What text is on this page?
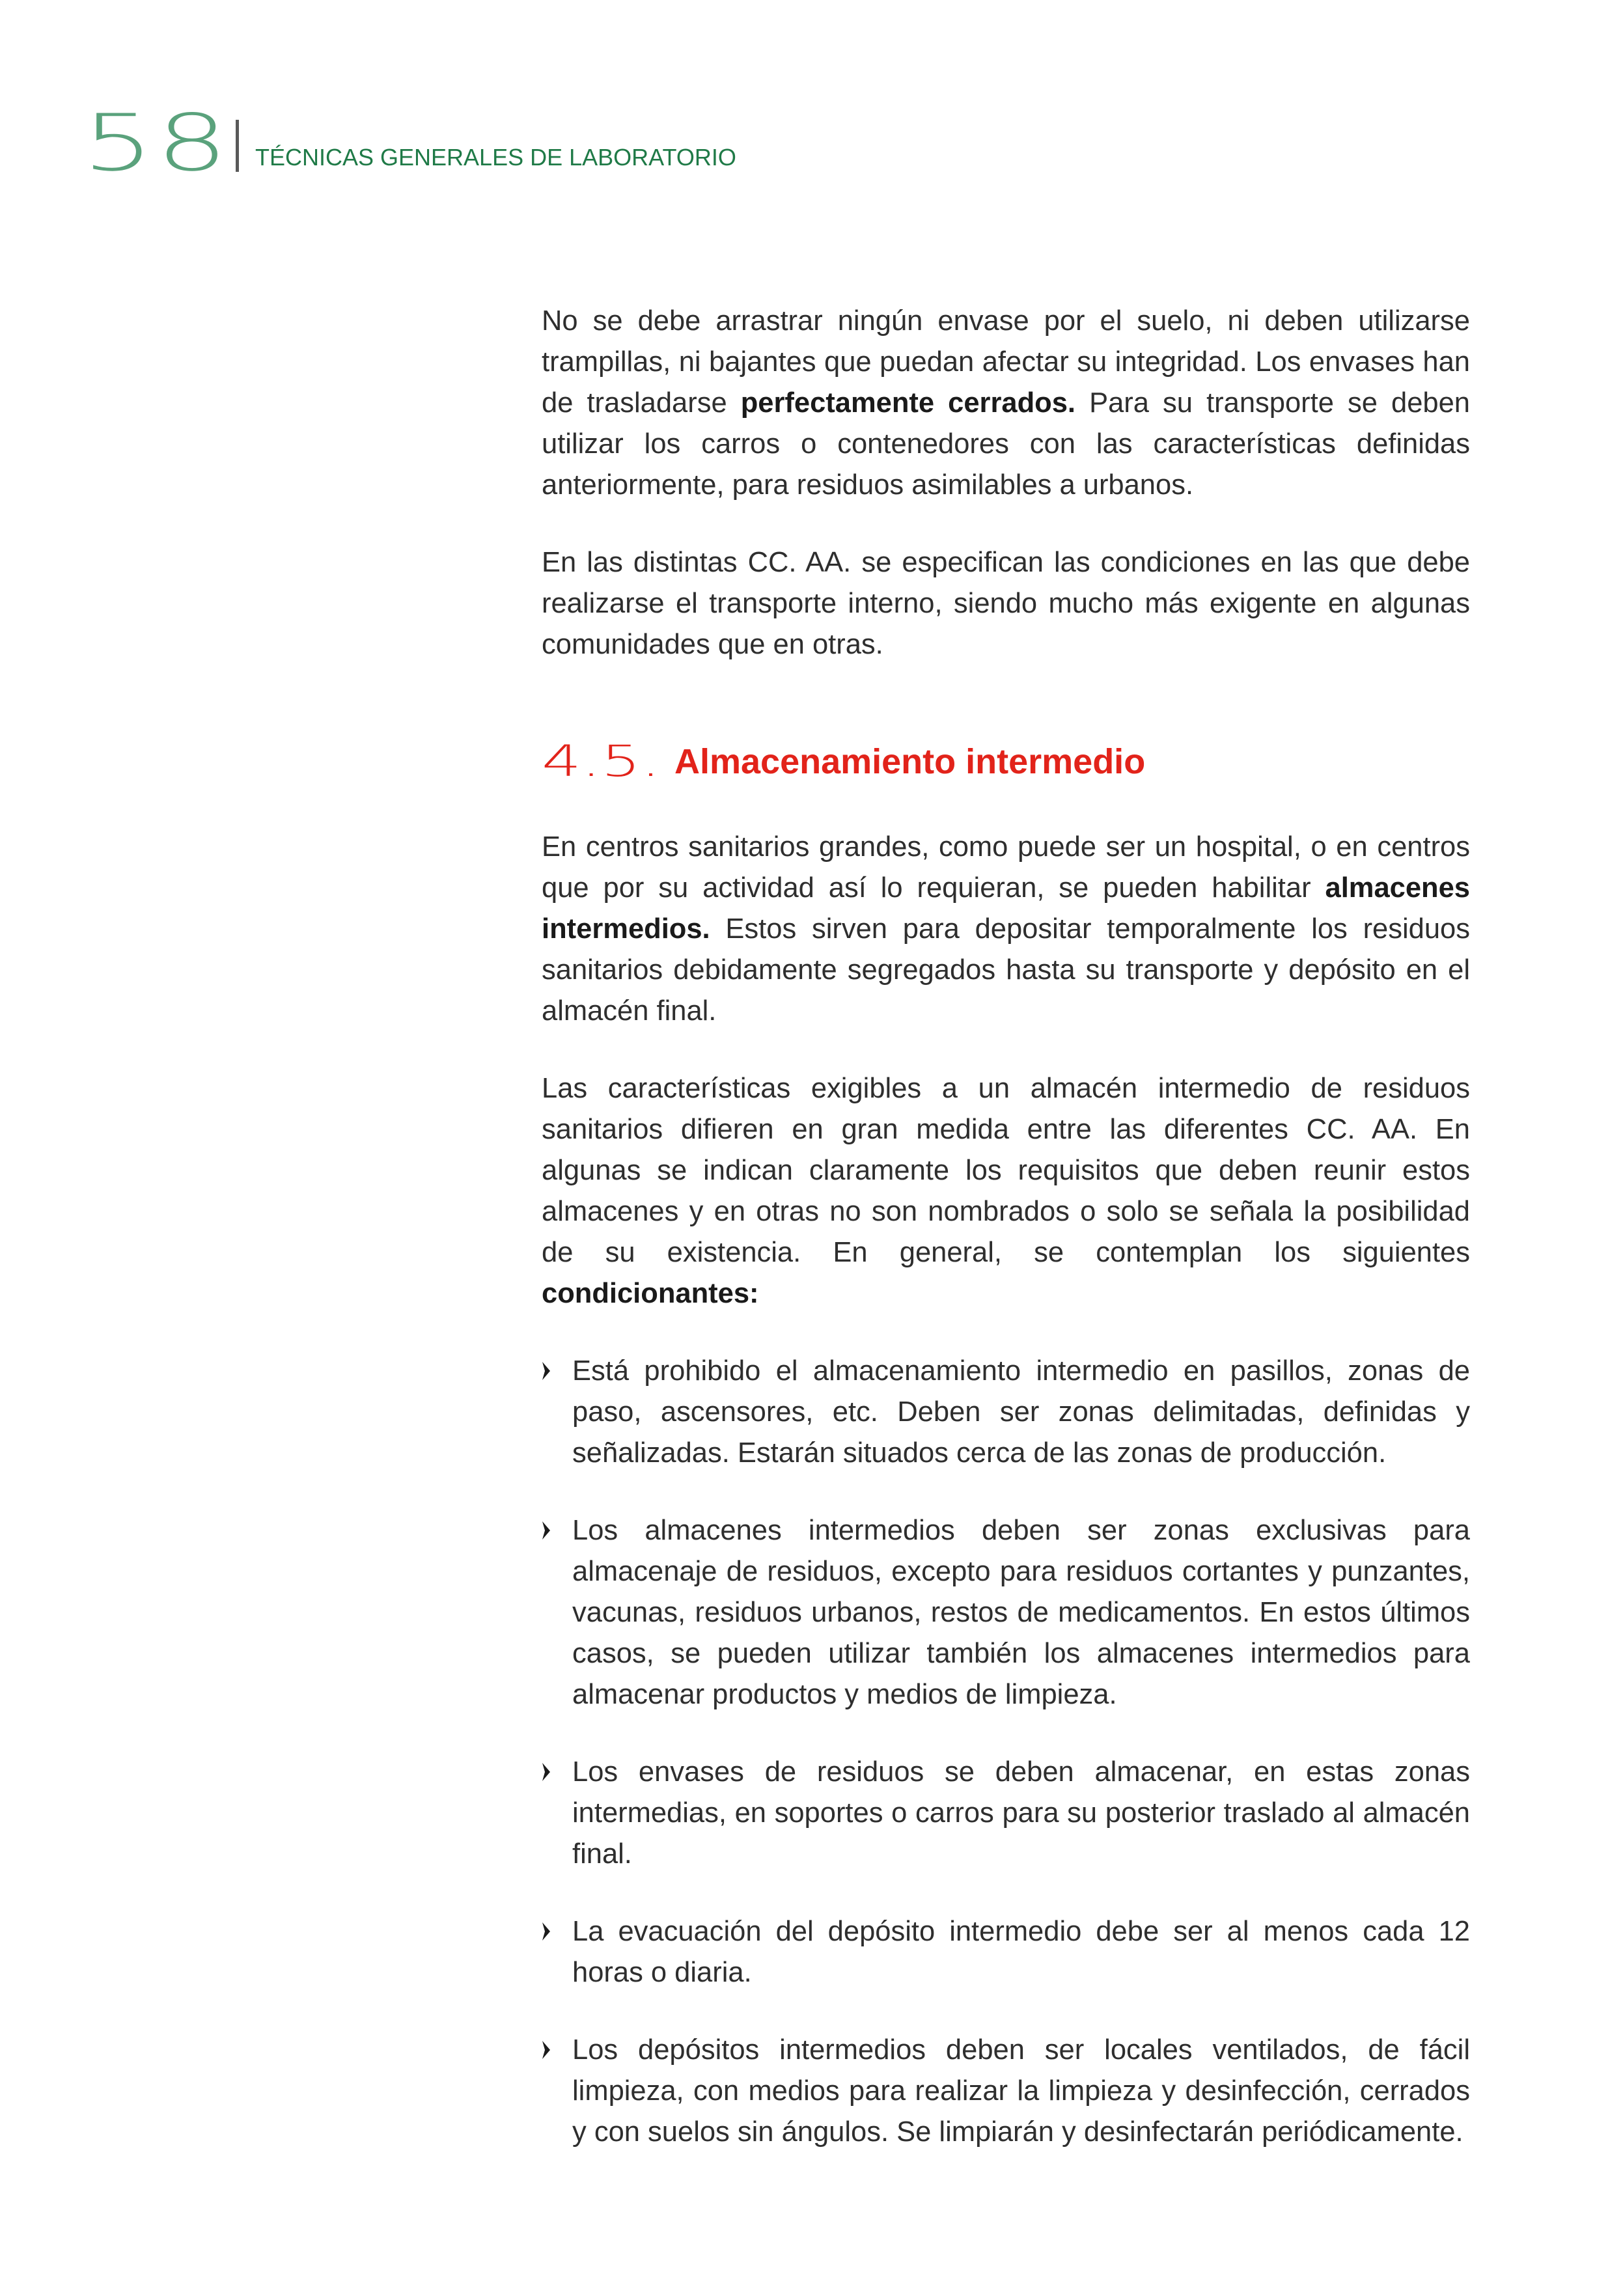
58 TÉCNICAS GENERALES DE LABORATORIO

No se debe arrastrar ningún envase por el suelo, ni deben utilizarse trampillas, ni bajantes que puedan afectar su integridad. Los envases han de trasladarse perfectamente cerrados. Para su transporte se deben utilizar los carros o contenedores con las características definidas anteriormente, para residuos asimilables a urbanos.

En las distintas CC. AA. se especifican las condiciones en las que debe realizarse el transporte interno, siendo mucho más exigente en algunas comunidades que en otras.

4.5. Almacenamiento intermedio

En centros sanitarios grandes, como puede ser un hospital, o en centros que por su actividad así lo requieran, se pueden habilitar almacenes intermedios. Estos sirven para depositar temporalmente los residuos sanitarios debidamente segregados hasta su transporte y depósito en el almacén final.

Las características exigibles a un almacén intermedio de residuos sanitarios difieren en gran medida entre las diferentes CC. AA. En algunas se indican claramente los requisitos que deben reunir estos almacenes y en otras no son nombrados o solo se señala la posibilidad de su existencia. En general, se contemplan los siguientes condicionantes:

Está prohibido el almacenamiento intermedio en pasillos, zonas de paso, ascensores, etc. Deben ser zonas delimitadas, definidas y señalizadas. Estarán situados cerca de las zonas de producción.

Los almacenes intermedios deben ser zonas exclusivas para almacenaje de residuos, excepto para residuos cortantes y punzantes, vacunas, residuos urbanos, restos de medicamentos. En estos últimos casos, se pueden utilizar también los almacenes intermedios para almacenar productos y medios de limpieza.

Los envases de residuos se deben almacenar, en estas zonas intermedias, en soportes o carros para su posterior traslado al almacén final.

La evacuación del depósito intermedio debe ser al menos cada 12 horas o diaria.

Los depósitos intermedios deben ser locales ventilados, de fácil limpieza, con medios para realizar la limpieza y desinfección, cerrados y con suelos sin ángulos. Se limpiarán y desinfectarán periódicamente.
